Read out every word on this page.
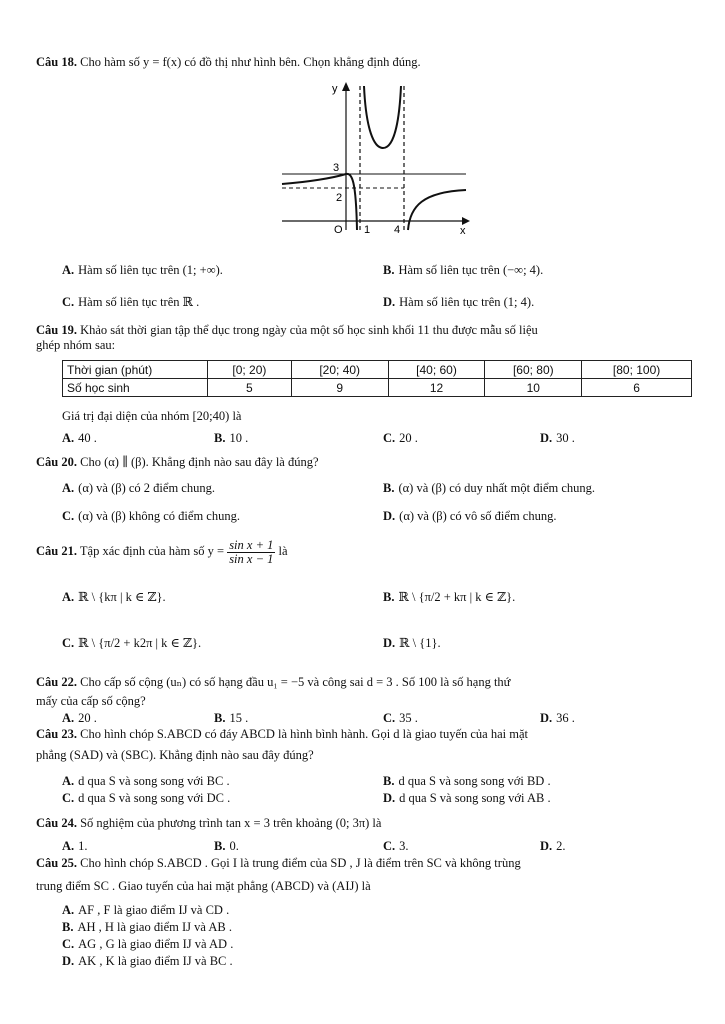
Câu 18. Cho hàm số y = f(x) có đồ thị như hình bên. Chọn khẳng định đúng.
y
x
O
3
2
1 4
A. Hàm số liên tục trên (1; +∞).	B. Hàm số liên tục trên (−∞; 4).
C. Hàm số liên tục trên ℝ .	D. Hàm số liên tục trên (1; 4).
Câu 19. Khảo sát thời gian tập thể dục trong ngày của một số học sinh khối 11 thu được mẫu số liệu
ghép nhóm sau:
Thời gian (phút)	[0; 20)	[20; 40)	[40; 60)	[60; 80)	[80; 100)
Số học sinh	5	9	12	10	6
Giá trị đại diện của nhóm [20;40) là
A. 40 .	B. 10 .	C. 20 .	D. 30 .
Câu 20. Cho (α) ∥ (β). Khẳng định nào sau đây là đúng?
A. (α) và (β) có 2 điểm chung.	B. (α) và (β) có duy nhất một điểm chung.
C. (α) và (β) không có điểm chung.	D. (α) và (β) có vô số điểm chung.
Câu 21. Tập xác định của hàm số $y = \frac{\text{sin x + 1}}{\text{sin x − 1}}$ là
A. ℝ \ {kπ | k ∈ ℤ}.	B. ℝ \ {π/2 + kπ | k ∈ ℤ}.
C. ℝ \ {π/2 + k2π | k ∈ ℤ}.	D. ℝ \ {1}.
Câu 22. Cho cấp số cộng (uₙ) có số hạng đầu u₁ = −5 và công sai d = 3 . Số 100 là số hạng thứ
mấy của cấp số cộng?
A. 20 .	B. 15 .	C. 35 .	D. 36 .
Câu 23. Cho hình chóp S.ABCD có đáy ABCD là hình bình hành. Gọi d là giao tuyến của hai mặt
phẳng (SAD) và (SBC). Khẳng định nào sau đây đúng?
A. d qua S và song song với BC .	B. d qua S và song song với BD .
C. d qua S và song song với DC .	D. d qua S và song song với AB .
Câu 24. Số nghiệm của phương trình tan x = 3 trên khoảng (0; 3π) là
A. 1.	B. 0.	C. 3.	D. 2.
Câu 25. Cho hình chóp S.ABCD . Gọi I là trung điểm của SD , J là điểm trên SC và không trùng
trung điểm SC . Giao tuyến của hai mặt phẳng (ABCD) và (AIJ) là
A. AF , F là giao điểm IJ và CD .
B. AH , H là giao điểm IJ và AB .
C. AG , G là giao điểm IJ và AD .
D. AK , K là giao điểm IJ và BC .
